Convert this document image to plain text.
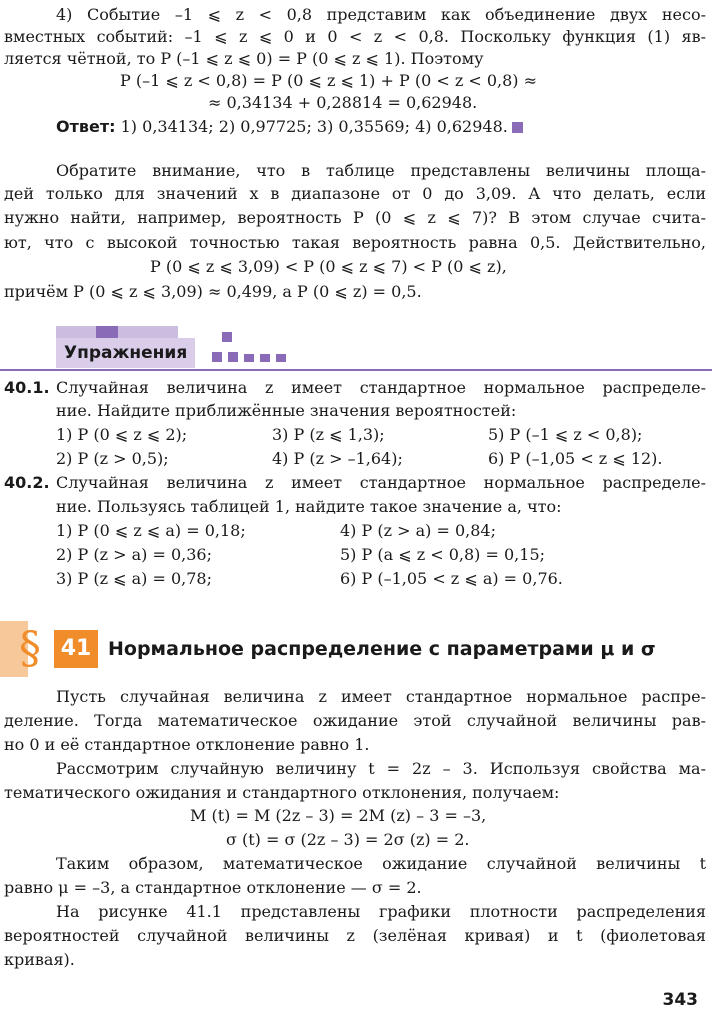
4) Событие –1 ⩽ z < 0,8 представим как объединение двух несо-
вместных событий: –1 ⩽ z ⩽ 0 и 0 < z < 0,8. Поскольку функция (1) яв-
ляется чётной, то P (–1 ⩽ z ⩽ 0) = P (0 ⩽ z ⩽ 1). Поэтому
P (–1 ⩽ z < 0,8) = P (0 ⩽ z ⩽ 1) + P (0 < z < 0,8) ≈
≈ 0,34134 + 0,28814 = 0,62948.
Ответ: 1) 0,34134; 2) 0,97725; 3) 0,35569; 4) 0,62948.
Обратите внимание, что в таблице представлены величины площа-
дей только для значений x в диапазоне от 0 до 3,09. А что делать, если
нужно найти, например, вероятность P (0 ⩽ z ⩽ 7)? В этом случае счита-
ют, что с высокой точностью такая вероятность равна 0,5. Действительно,
P (0 ⩽ z ⩽ 3,09) < P (0 ⩽ z ⩽ 7) < P (0 ⩽ z),
причём P (0 ⩽ z ⩽ 3,09) ≈ 0,499, а P (0 ⩽ z) = 0,5.
Упражнения
40.1. Случайная величина z имеет стандартное нормальное распределе-
ние. Найдите приближённые значения вероятностей:
1) P (0 ⩽ z ⩽ 2);	3) P (z ⩽ 1,3);	5) P (–1 ⩽ z < 0,8);
2) P (z > 0,5);	4) P (z > –1,64);	6) P (–1,05 < z ⩽ 12).
40.2. Случайная величина z имеет стандартное нормальное распределе-
ние. Пользуясь таблицей 1, найдите такое значение a, что:
1) P (0 ⩽ z ⩽ a) = 0,18;	4) P (z > a) = 0,84;
2) P (z > a) = 0,36;	5) P (a ⩽ z < 0,8) = 0,15;
3) P (z ⩽ a) = 0,78;	6) P (–1,05 < z ⩽ a) = 0,76.
§ 41 Нормальное распределение с параметрами μ и σ
Пусть случайная величина z имеет стандартное нормальное распре-
деление. Тогда математическое ожидание этой случайной величины рав-
но 0 и её стандартное отклонение равно 1.
Рассмотрим случайную величину t = 2z – 3. Используя свойства ма-
тематического ожидания и стандартного отклонения, получаем:
M (t) = M (2z – 3) = 2M (z) – 3 = –3,
σ (t) = σ (2z – 3) = 2σ (z) = 2.
Таким образом, математическое ожидание случайной величины t
равно μ = –3, а стандартное отклонение — σ = 2.
На рисунке 41.1 представлены графики плотности распределения
вероятностей случайной величины z (зелёная кривая) и t (фиолетовая
кривая).
343
